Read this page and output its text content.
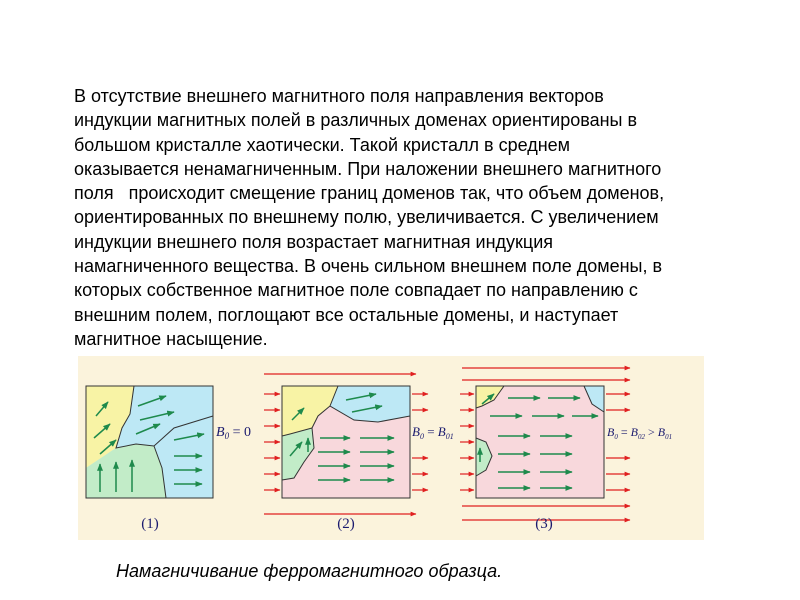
В отсутствие внешнего магнитного поля направления векторов
индукции магнитных полей в различных доменах ориентированы в
большом кристалле хаотически. Такой кристалл в среднем
оказывается ненамагниченным. При наложении внешнего магнитного
поля   происходит смещение границ доменов так, что объем доменов,
ориентированных по внешнему полю, увеличивается. С увеличением
индукции внешнего поля возрастает магнитная индукция
намагниченного вещества. В очень сильном внешнем поле домены, в
которых собственное магнитное поле совпадает по направлению с
внешним полем, поглощают все остальные домены, и наступает
магнитное насыщение.
$B_0 = 0$	$B_0 = B_{01}$	$B_0 = B_{02} > B_{01}$
(1)	(2)	(3)
Намагничивание ферромагнитного образца.
